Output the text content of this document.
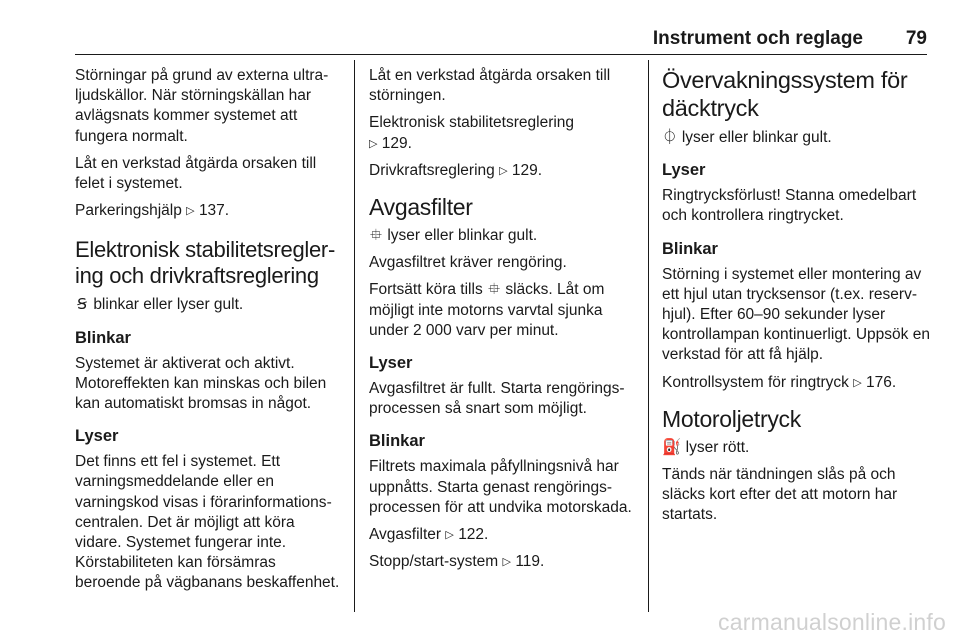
Instrument och reglage 79

Störningar på grund av externa ultraljudskällor. När störningskällan har avlägsnats kommer systemet att fungera normalt.

Låt en verkstad åtgärda orsaken till felet i systemet.

Parkeringshjälp ▷ 137.

Elektronisk stabilitetsreglering och drivkraftsreglering

Ꞩ blinkar eller lyser gult.

Blinkar

Systemet är aktiverat och aktivt. Motoreffekten kan minskas och bilen kan automatiskt bromsas in något.

Lyser

Det finns ett fel i systemet. Ett varningsmeddelande eller en varningskod visas i förarinformationscentralen. Det är möjligt att köra vidare. Systemet fungerar inte. Körstabiliteten kan försämras beroende på vägbanans beskaffenhet.

Låt en verkstad åtgärda orsaken till störningen.

Elektronisk stabilitetsreglering
▷ 129.

Drivkraftsreglering ▷ 129.

Avgasfilter

⯐ lyser eller blinkar gult.

Avgasfiltret kräver rengöring.

Fortsätt köra tills ⯐ släcks. Låt om möjligt inte motorns varvtal sjunka under 2 000 varv per minut.

Lyser

Avgasfiltret är fullt. Starta rengöringsprocessen så snart som möjligt.

Blinkar

Filtrets maximala påfyllningsnivå har uppnåtts. Starta genast rengöringsprocessen för att undvika motorskada.

Avgasfilter ▷ 122.

Stopp/start-system ▷ 119.

Övervakningssystem för däcktryck

⏀ lyser eller blinkar gult.

Lyser

Ringtrycksförlust! Stanna omedelbart och kontrollera ringtrycket.

Blinkar

Störning i systemet eller montering av ett hjul utan trycksensor (t.ex. reservhjul). Efter 60–90 sekunder lyser kontrollampan kontinuerligt. Uppsök en verkstad för att få hjälp.

Kontrollsystem för ringtryck ▷ 176.

Motoroljetryck

⛽ lyser rött.

Tänds när tändningen slås på och släcks kort efter det att motorn har startats.

carmanualsonline.info
